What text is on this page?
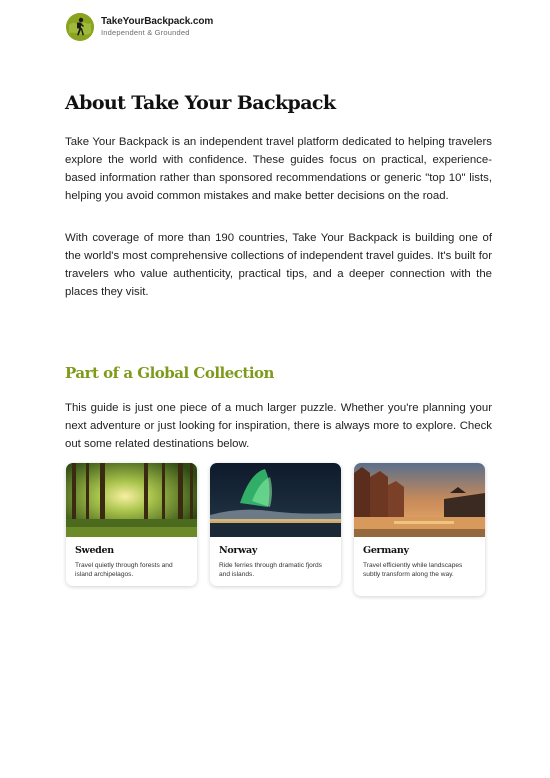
TakeYourBackpack.com
Independent & Grounded
About Take Your Backpack

Take Your Backpack is an independent travel platform dedicated to helping travelers explore the world with confidence. These guides focus on practical, experience-based information rather than sponsored recommendations or generic "top 10" lists, helping you avoid common mistakes and make better decisions on the road.

With coverage of more than 190 countries, Take Your Backpack is building one of the world's most comprehensive collections of independent travel guides. It's built for travelers who value authenticity, practical tips, and a deeper connection with the places they visit.

Part of a Global Collection

This guide is just one piece of a much larger puzzle. Whether you're planning your next adventure or just looking for inspiration, there is always more to explore. Check out some related destinations below.

Sweden
Travel quietly through forests and island archipelagos.
Norway
Ride ferries through dramatic fjords and islands.
Germany
Travel efficiently while landscapes subtly transform along the way.
